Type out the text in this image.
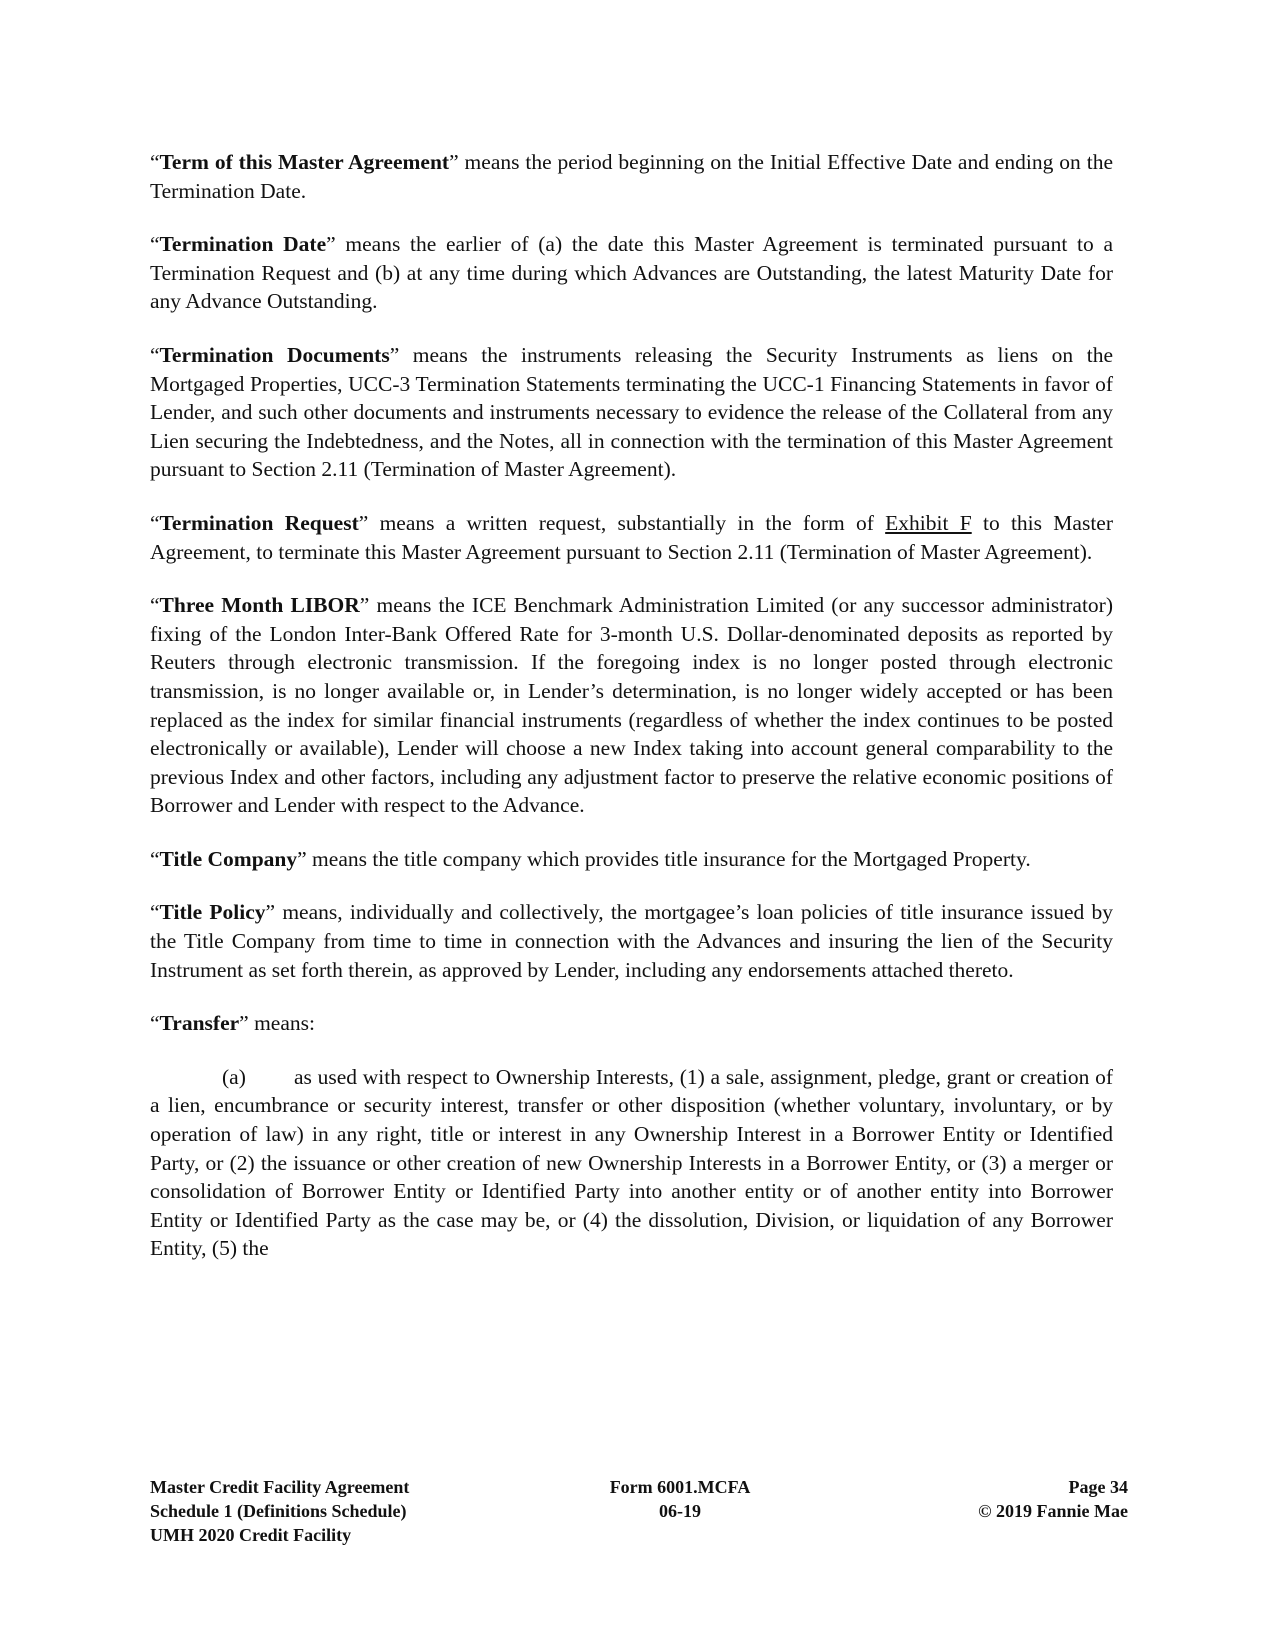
“Term of this Master Agreement” means the period beginning on the Initial Effective Date and ending on the Termination Date.

“Termination Date” means the earlier of (a) the date this Master Agreement is terminated pursuant to a Termination Request and (b) at any time during which Advances are Outstanding, the latest Maturity Date for any Advance Outstanding.

“Termination Documents” means the instruments releasing the Security Instruments as liens on the Mortgaged Properties, UCC-3 Termination Statements terminating the UCC-1 Financing Statements in favor of Lender, and such other documents and instruments necessary to evidence the release of the Collateral from any Lien securing the Indebtedness, and the Notes, all in connection with the termination of this Master Agreement pursuant to Section 2.11 (Termination of Master Agreement).

“Termination Request” means a written request, substantially in the form of Exhibit F to this Master Agreement, to terminate this Master Agreement pursuant to Section 2.11 (Termination of Master Agreement).

“Three Month LIBOR” means the ICE Benchmark Administration Limited (or any successor administrator) fixing of the London Inter-Bank Offered Rate for 3-month U.S. Dollar-denominated deposits as reported by Reuters through electronic transmission. If the foregoing index is no longer posted through electronic transmission, is no longer available or, in Lender’s determination, is no longer widely accepted or has been replaced as the index for similar financial instruments (regardless of whether the index continues to be posted electronically or available), Lender will choose a new Index taking into account general comparability to the previous Index and other factors, including any adjustment factor to preserve the relative economic positions of Borrower and Lender with respect to the Advance.

“Title Company” means the title company which provides title insurance for the Mortgaged Property.

“Title Policy” means, individually and collectively, the mortgagee’s loan policies of title insurance issued by the Title Company from time to time in connection with the Advances and insuring the lien of the Security Instrument as set forth therein, as approved by Lender, including any endorsements attached thereto.

“Transfer” means:

(a) as used with respect to Ownership Interests, (1) a sale, assignment, pledge, grant or creation of a lien, encumbrance or security interest, transfer or other disposition (whether voluntary, involuntary, or by operation of law) in any right, title or interest in any Ownership Interest in a Borrower Entity or Identified Party, or (2) the issuance or other creation of new Ownership Interests in a Borrower Entity, or (3) a merger or consolidation of Borrower Entity or Identified Party into another entity or of another entity into Borrower Entity or Identified Party as the case may be, or (4) the dissolution, Division, or liquidation of any Borrower Entity, (5) the

Master Credit Facility Agreement
Schedule 1 (Definitions Schedule)
UMH 2020 Credit Facility
Form 6001.MCFA
06-19
Page 34
© 2019 Fannie Mae
